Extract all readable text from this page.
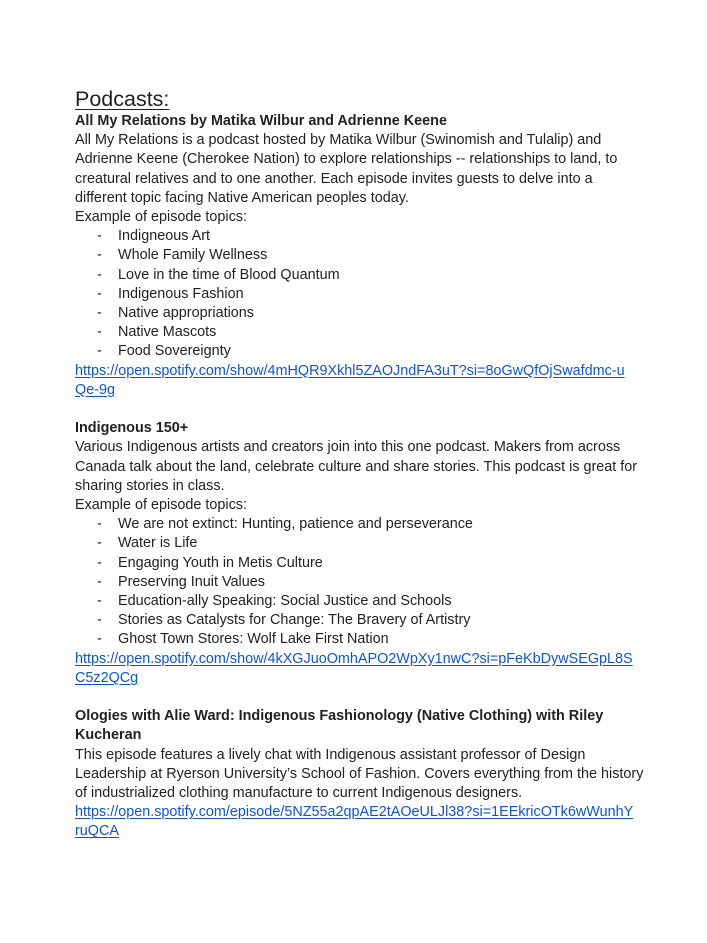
Podcasts:

All My Relations by Matika Wilbur and Adrienne Keene

All My Relations is a podcast hosted by Matika Wilbur (Swinomish and Tulalip) and Adrienne Keene (Cherokee Nation) to explore relationships -- relationships to land, to creatural relatives and to one another. Each episode invites guests to delve into a different topic facing Native American peoples today.

Example of episode topics:

- Indigneous Art
- Whole Family Wellness
- Love in the time of Blood Quantum
- Indigenous Fashion
- Native appropriations
- Native Mascots
- Food Sovereignty
https://open.spotify.com/show/4mHQR9Xkhl5ZAOJndFA3uT?si=8oGwQfOjSwafdmc-uQe-9g

Indigenous 150+

Various Indigenous artists and creators join into this one podcast. Makers from across Canada talk about the land, celebrate culture and share stories. This podcast is great for sharing stories in class.

Example of episode topics:

- We are not extinct: Hunting, patience and perseverance
- Water is Life
- Engaging Youth in Metis Culture
- Preserving Inuit Values
- Education-ally Speaking: Social Justice and Schools
- Stories as Catalysts for Change: The Bravery of Artistry
- Ghost Town Stores: Wolf Lake First Nation
https://open.spotify.com/show/4kXGJuoOmhAPO2WpXy1nwC?si=pFeKbDywSEGpL8SC5z2QCg

Ologies with Alie Ward: Indigenous Fashionology (Native Clothing) with Riley Kucheran

This episode features a lively chat with Indigenous assistant professor of Design Leadership at Ryerson University’s School of Fashion. Covers everything from the history of industrialized clothing manufacture to current Indigenous designers.

https://open.spotify.com/episode/5NZ55a2qpAE2tAOeULJl38?si=1EEkricOTk6wWunhYruQCA
